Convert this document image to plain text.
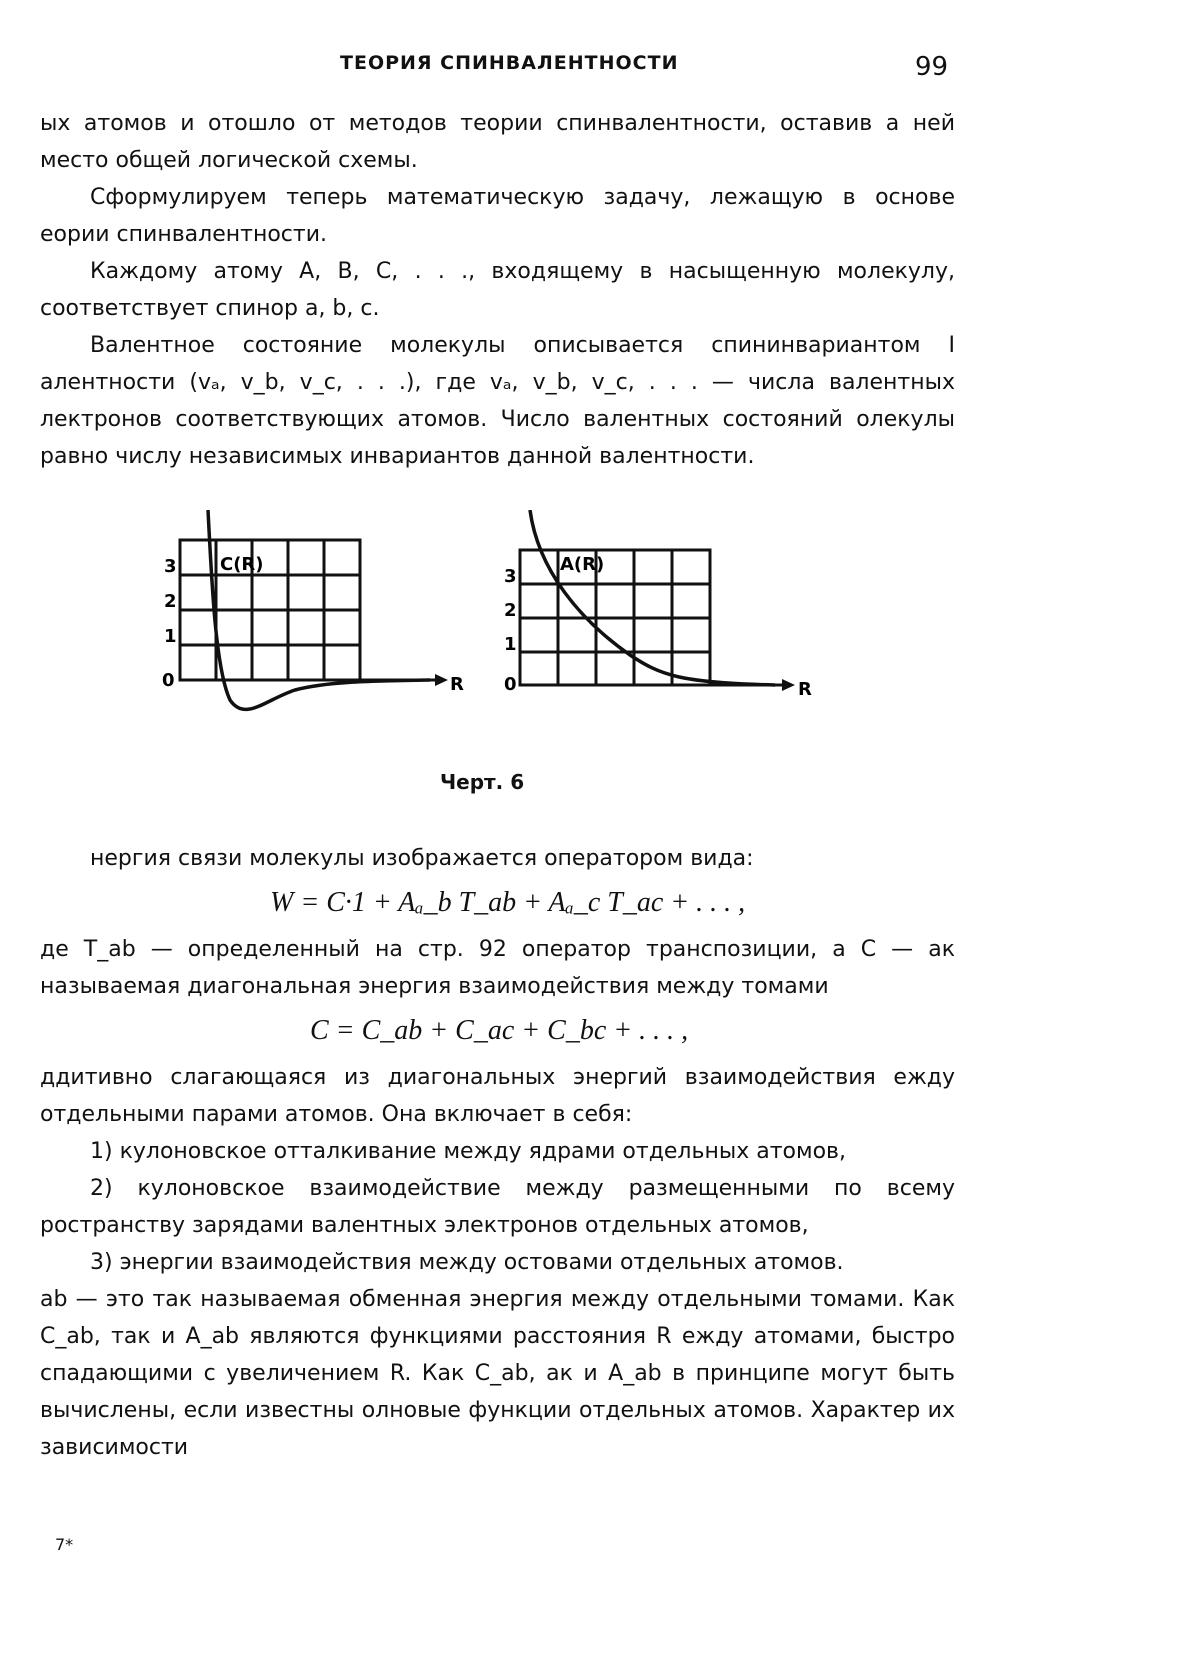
ТЕОРИЯ СПИНВАЛЕНТНОСТИ	99

ых атомов и отошло от методов теории спинвалентности, оставив а ней место общей логической схемы.

Сформулируем теперь математическую задачу, лежащую в основе еории спинвалентности.

Каждому атому A, B, C, . . ., входящему в насыщенную молекулу, соответствует спинор a, b, c.

Валентное состояние молекулы описывается спининвариантом I алентности (vₐ, v_b, v_c, . . .), где vₐ, v_b, v_c, . . . — числа валентных лектронов соответствующих атомов. Число валентных состояний олекулы равно числу независимых инвариантов данной валентности.

R
C(R)
0
1
2
3
R
A(R)
0
1
2
3
Черт. 6

нергия связи молекулы изображается оператором вида:

W = C·1 + Aₐ_b T_ab + Aₐ_c T_ac + . . . ,

де T_ab — определенный на стр. 92 оператор транспозиции, а C — ак называемая диагональная энергия взаимодействия между томами

C = C_ab + C_ac + C_bc + . . . ,

ддитивно слагающаяся из диагональных энергий взаимодействия ежду отдельными парами атомов. Она включает в себя:

1) кулоновское отталкивание между ядрами отдельных атомов,

2) кулоновское взаимодействие между размещенными по всему ространству зарядами валентных электронов отдельных атомов,

3) энергии взаимодействия между остовами отдельных атомов.

ab — это так называемая обменная энергия между отдельными томами. Как C_ab, так и A_ab являются функциями расстояния R ежду атомами, быстро спадающими с увеличением R. Как C_ab, ак и A_ab в принципе могут быть вычислены, если известны олновые функции отдельных атомов. Характер их зависимости

7*
